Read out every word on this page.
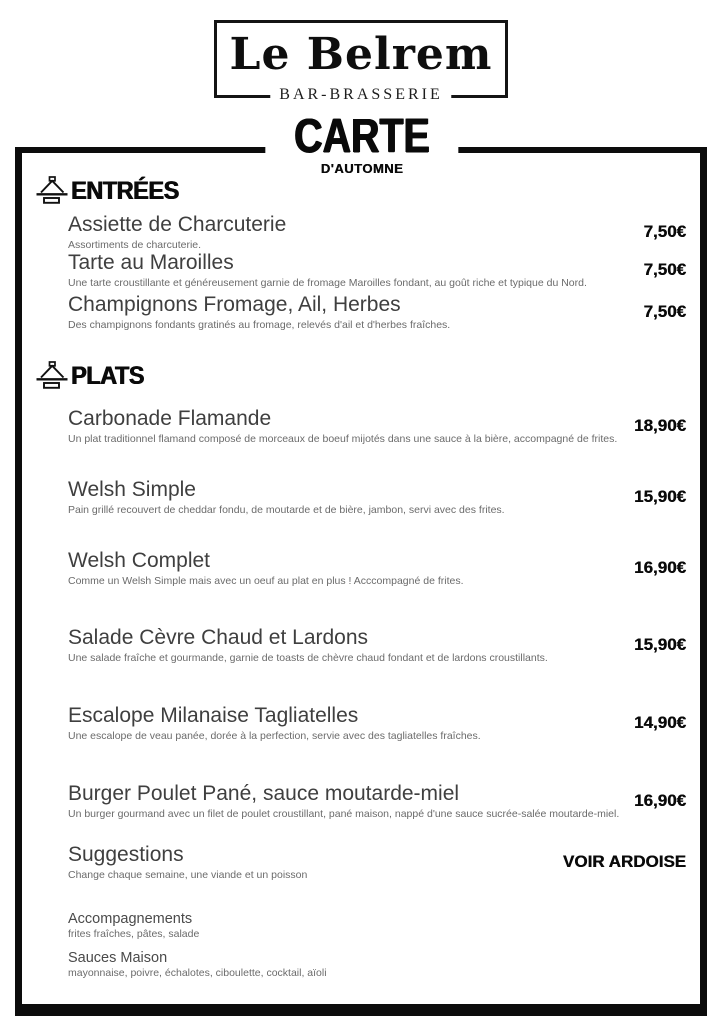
Le Belrem
BAR-BRASSERIE
CARTE
D'AUTOMNE
ENTRÉES
Assiette de Charcuterie
Assortiments de charcuterie.
7,50€
Tarte au Maroilles
Une tarte croustillante et généreusement garnie de fromage Maroilles fondant, au goût riche et typique du Nord.
7,50€
Champignons Fromage, Ail, Herbes
Des champignons fondants gratinés au fromage, relevés d'ail et d'herbes fraîches.
7,50€
PLATS
Carbonade Flamande
Un plat traditionnel flamand composé de morceaux de boeuf mijotés dans une sauce à la bière, accompagné de frites.
18,90€
Welsh Simple
Pain grillé recouvert de cheddar fondu, de moutarde et de bière, jambon, servi avec des frites.
15,90€
Welsh Complet
Comme un Welsh Simple mais avec un oeuf au plat en plus ! Acccompagné de frites.
16,90€
Salade Cèvre Chaud et Lardons
Une salade fraîche et gourmande, garnie de toasts de chèvre chaud fondant et de lardons croustillants.
15,90€
Escalope Milanaise Tagliatelles
Une escalope de veau panée, dorée à la perfection, servie avec des tagliatelles fraîches.
14,90€
Burger Poulet Pané, sauce moutarde-miel
Un burger gourmand avec un filet de poulet croustillant, pané maison, nappé d'une sauce sucrée-salée moutarde-miel.
16,90€
Suggestions
Change chaque semaine, une viande et un poisson
VOIR ARDOISE
Accompagnements
frites fraîches, pâtes, salade
Sauces Maison
mayonnaise, poivre, échalotes, ciboulette, cocktail, aïoli
